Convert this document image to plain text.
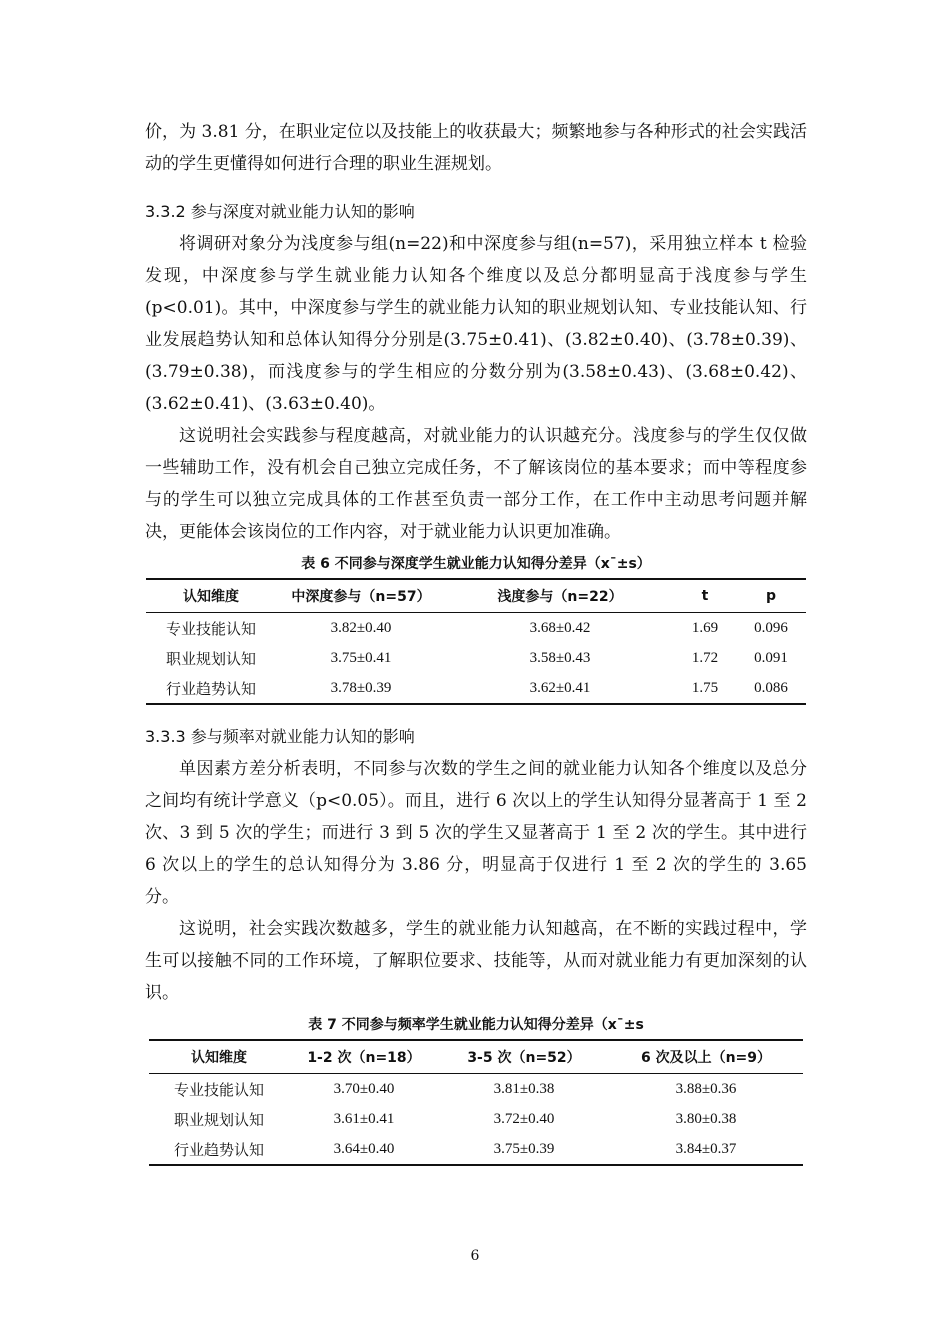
价，为 3.81 分，在职业定位以及技能上的收获最大；频繁地参与各种形式的社会实践活动的学生更懂得如何进行合理的职业生涯规划。

3.3.2 参与深度对就业能力认知的影响

将调研对象分为浅度参与组(n=22)和中深度参与组(n=57)，采用独立样本 t 检验发现，中深度参与学生就业能力认知各个维度以及总分都明显高于浅度参与学生(p<0.01)。其中，中深度参与学生的就业能力认知的职业规划认知、专业技能认知、行业发展趋势认知和总体认知得分分别是(3.75±0.41)、(3.82±0.40)、(3.78±0.39)、(3.79±0.38)，而浅度参与的学生相应的分数分别为(3.58±0.43)、(3.68±0.42)、(3.62±0.41)、(3.63±0.40)。

这说明社会实践参与程度越高，对就业能力的认识越充分。浅度参与的学生仅仅做一些辅助工作，没有机会自己独立完成任务，不了解该岗位的基本要求；而中等程度参与的学生可以独立完成具体的工作甚至负责一部分工作，在工作中主动思考问题并解决，更能体会该岗位的工作内容，对于就业能力认识更加准确。

表 6 不同参与深度学生就业能力认知得分差异（x¯±s）
认知维度	中深度参与（n=57）	浅度参与（n=22）	t	p
专业技能认知	3.82±0.40	3.68±0.42	1.69	0.096
职业规划认知	3.75±0.41	3.58±0.43	1.72	0.091
行业趋势认知	3.78±0.39	3.62±0.41	1.75	0.086

3.3.3 参与频率对就业能力认知的影响

单因素方差分析表明，不同参与次数的学生之间的就业能力认知各个维度以及总分之间均有统计学意义（p<0.05）。而且，进行 6 次以上的学生认知得分显著高于 1 至 2 次、3 到 5 次的学生；而进行 3 到 5 次的学生又显著高于 1 至 2 次的学生。其中进行 6 次以上的学生的总认知得分为 3.86 分，明显高于仅进行 1 至 2 次的学生的 3.65 分。

这说明，社会实践次数越多，学生的就业能力认知越高，在不断的实践过程中，学生可以接触不同的工作环境，了解职位要求、技能等，从而对就业能力有更加深刻的认识。

表 7 不同参与频率学生就业能力认知得分差异（x¯±s
认知维度	1-2 次（n=18）	3-5 次（n=52）	6 次及以上（n=9）
专业技能认知	3.70±0.40	3.81±0.38	3.88±0.36
职业规划认知	3.61±0.41	3.72±0.40	3.80±0.38
行业趋势认知	3.64±0.40	3.75±0.39	3.84±0.37
6
